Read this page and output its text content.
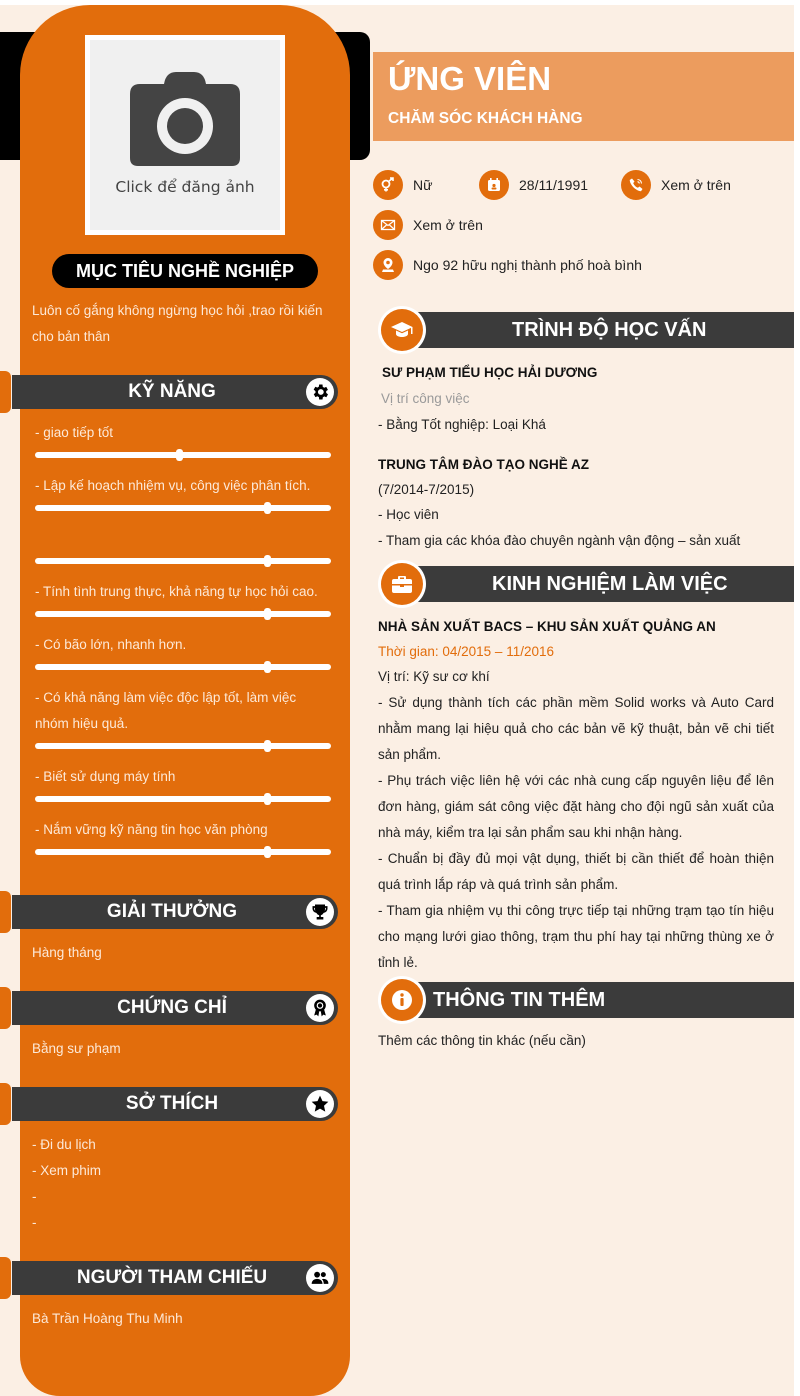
Click để đăng ảnh
MỤC TIÊU NGHỀ NGHIỆP
Luôn cố gắng không ngừng học hỏi ,trao rồi kiến cho bản thân
KỸ NĂNG
- giao tiếp tốt
- Lập kế hoạch nhiệm vụ, công việc phân tích.
- Tính tình trung thực, khả năng tự học hỏi cao.
- Có bão lớn, nhanh hơn.
- Có khả năng làm việc độc lập tốt, làm việc nhóm hiệu quả.
- Biết sử dụng máy tính
- Nắm vững kỹ năng tin học văn phòng
GIẢI THƯỞNG
Hàng tháng
CHỨNG CHỈ
Bằng sư phạm
SỞ THÍCH
- Đi du lịch
- Xem phim
-
-
NGƯỜI THAM CHIẾU
Bà Trần Hoàng Thu Minh
ỨNG VIÊN
CHĂM SÓC KHÁCH HÀNG
Nữ	28/11/1991	Xem ở trên
Xem ở trên
Ngo 92 hữu nghị thành phố hoà bình
TRÌNH ĐỘ HỌC VẤN
SƯ PHẠM TIỂU HỌC HẢI DƯƠNG
Vị trí công việc
- Bằng Tốt nghiệp: Loại Khá
TRUNG TÂM ĐÀO TẠO NGHỀ AZ
(7/2014-7/2015)
- Học viên
- Tham gia các khóa đào chuyên ngành vận động – sản xuất
KINH NGHIỆM LÀM VIỆC
NHÀ SẢN XUẤT BACS – KHU SẢN XUẤT QUẢNG AN
Thời gian: 04/2015 – 11/2016
Vị trí: Kỹ sư cơ khí
- Sử dụng thành tích các phần mềm Solid works và Auto Card nhằm mang lại hiệu quả cho các bản vẽ kỹ thuật, bản vẽ chi tiết sản phẩm.
- Phụ trách việc liên hệ với các nhà cung cấp nguyên liệu để lên đơn hàng, giám sát công việc đặt hàng cho đội ngũ sản xuất của nhà máy, kiểm tra lại sản phẩm sau khi nhận hàng.
- Chuẩn bị đầy đủ mọi vật dụng, thiết bị cần thiết để hoàn thiện quá trình lắp ráp và quá trình sản phẩm.
- Tham gia nhiệm vụ thi công trực tiếp tại những trạm tạo tín hiệu cho mạng lưới giao thông, trạm thu phí hay tại những thùng xe ở tỉnh lẻ.
THÔNG TIN THÊM
Thêm các thông tin khác (nếu cần)
